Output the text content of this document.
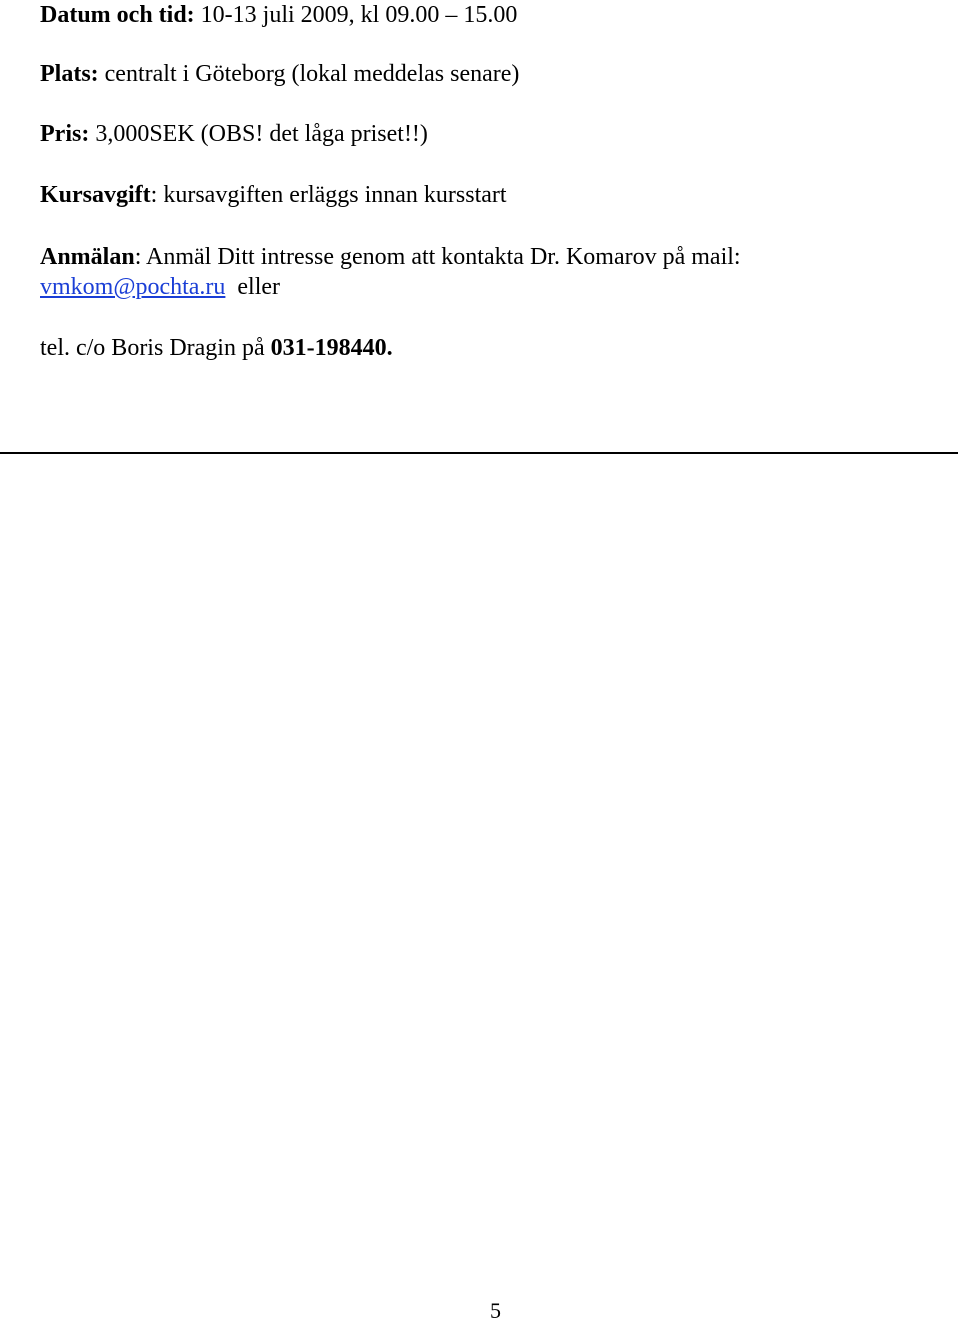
Datum och tid: 10-13 juli 2009, kl 09.00 – 15.00
Plats: centralt i Göteborg (lokal meddelas senare)
Pris: 3,000SEK (OBS! det låga priset!!)
Kursavgift: kursavgiften erläggs innan kursstart
Anmälan: Anmäl Ditt intresse genom att kontakta Dr. Komarov på mail:
vmkom@pochta.ru eller
tel. c/o Boris Dragin på 031-198440.
5
